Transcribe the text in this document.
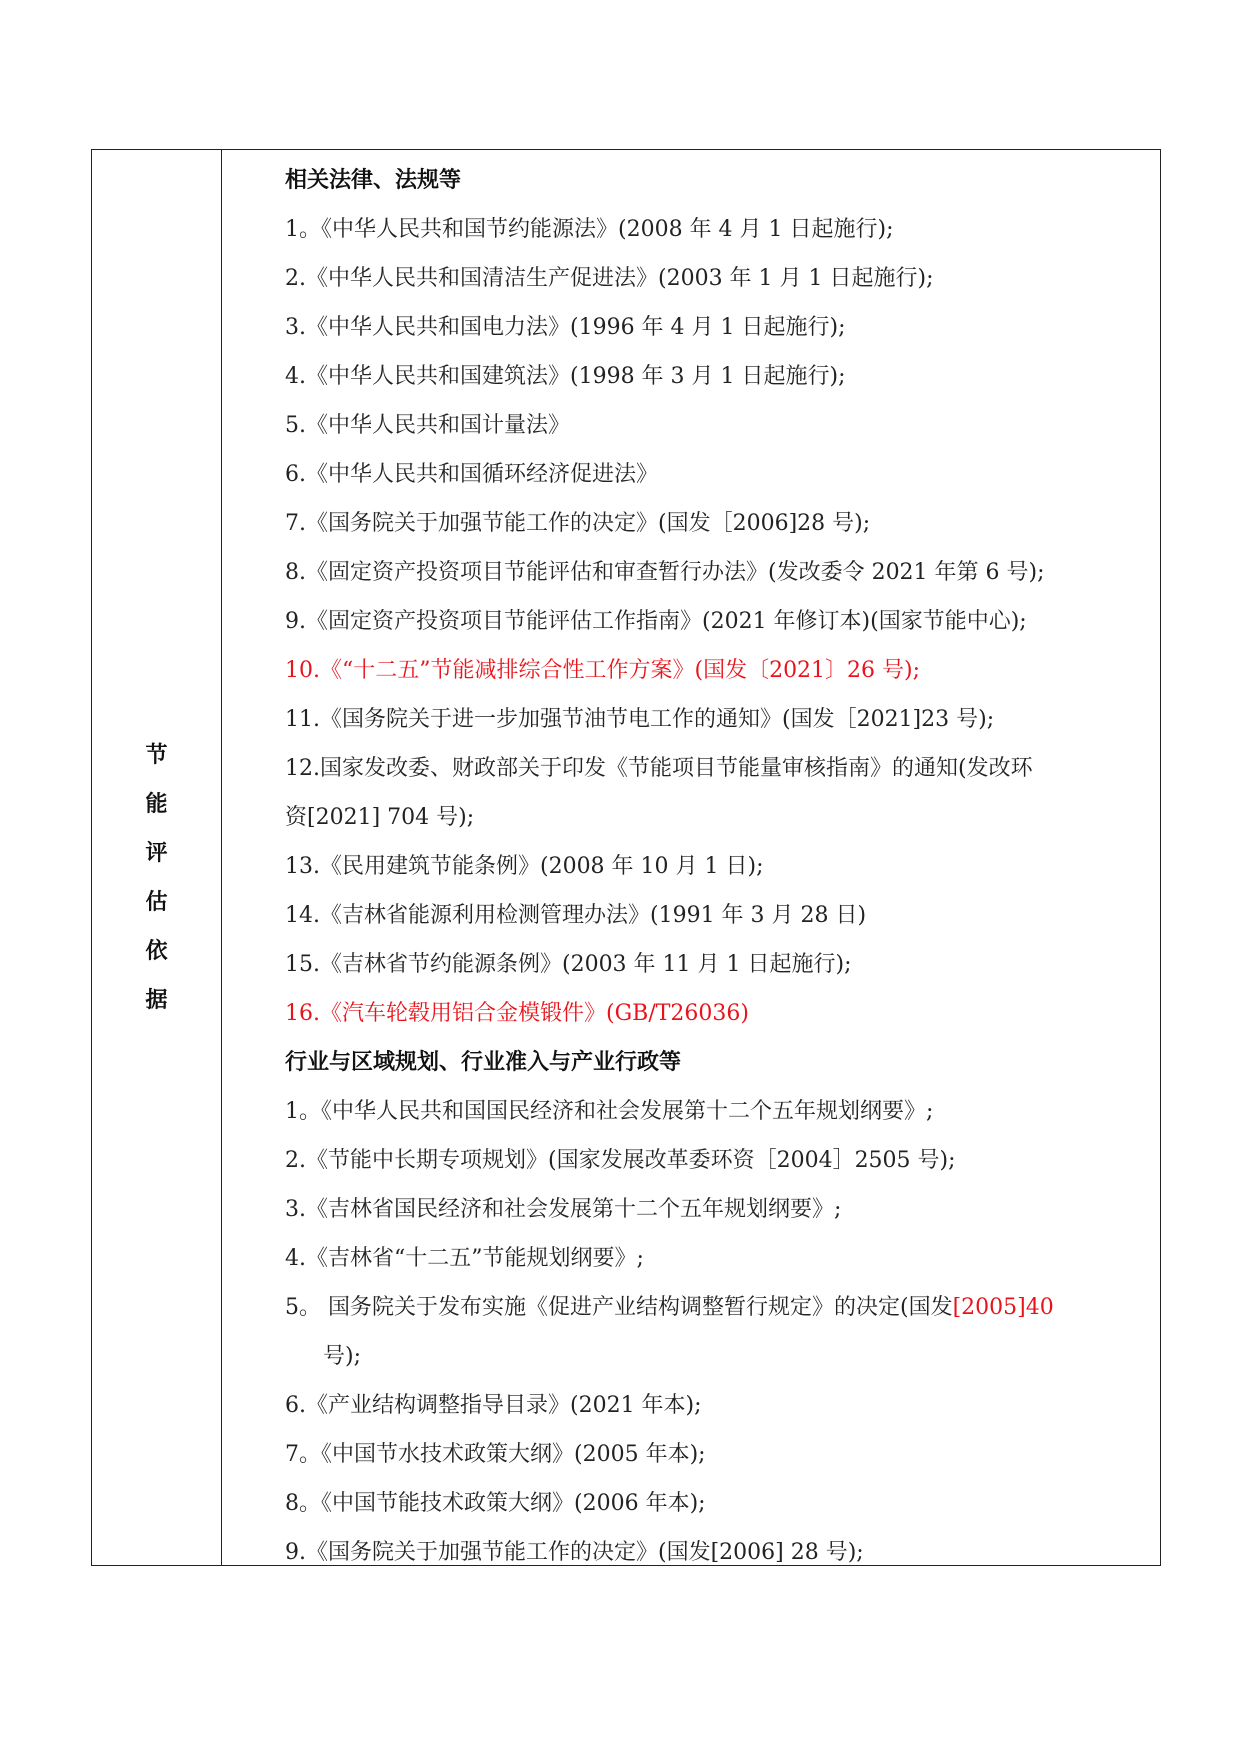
节
能
评
估
依
据
相关法律、法规等
1。《中华人民共和国节约能源法》(2008 年 4 月 1 日起施行);
2.《中华人民共和国清洁生产促进法》(2003 年 1 月 1 日起施行);
3.《中华人民共和国电力法》(1996 年 4 月 1 日起施行);
4.《中华人民共和国建筑法》(1998 年 3 月 1 日起施行);
5.《中华人民共和国计量法》
6.《中华人民共和国循环经济促进法》
7.《国务院关于加强节能工作的决定》(国发［2006]28 号);
8.《固定资产投资项目节能评估和审查暂行办法》(发改委令 2021 年第 6 号);
9.《固定资产投资项目节能评估工作指南》(2021 年修订本)(国家节能中心);
10.《“十二五”节能减排综合性工作方案》(国发〔2021〕26 号);
11.《国务院关于进一步加强节油节电工作的通知》(国发［2021]23 号);
12.国家发改委、财政部关于印发《节能项目节能量审核指南》的通知(发改环
资[2021] 704 号);
13.《民用建筑节能条例》(2008 年 10 月 1 日);
14.《吉林省能源利用检测管理办法》(1991 年 3 月 28 日)
15.《吉林省节约能源条例》(2003 年 11 月 1 日起施行);
16.《汽车轮毂用铝合金模锻件》(GB/T26036)
行业与区域规划、行业准入与产业行政等
1。《中华人民共和国国民经济和社会发展第十二个五年规划纲要》;
2.《节能中长期专项规划》(国家发展改革委环资［2004］2505 号);
3.《吉林省国民经济和社会发展第十二个五年规划纲要》;
4.《吉林省“十二五”节能规划纲要》;
5。 国务院关于发布实施《促进产业结构调整暂行规定》的决定(国发[2005]40
号);
6.《产业结构调整指导目录》(2021 年本);
7。《中国节水技术政策大纲》(2005 年本);
8。《中国节能技术政策大纲》(2006 年本);
9.《国务院关于加强节能工作的决定》(国发[2006] 28 号);
